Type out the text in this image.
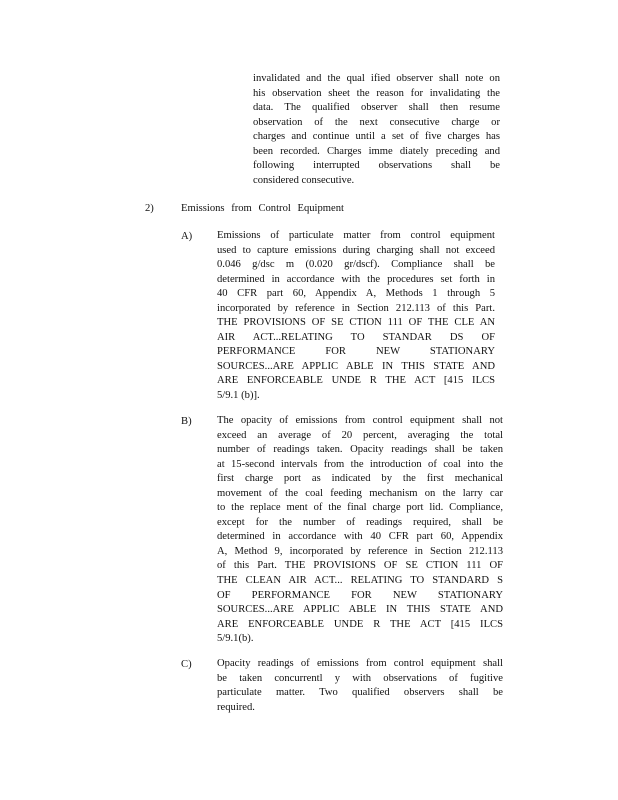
invalidated and the qual ified observer shall note on
his observation sheet the reason for invalidating the
data. The qualified observer shall then resume
observation of the next consecutive charge or
charges and continue until a set of five charges has
been recorded. Charges imme diately preceding and
following interrupted observations shall be
considered consecutive.

2)

	Emissions from Control Equipment

A)	Emissions of particulate matter from control equipment
used to capture emissions during charging shall not exceed
0.046 g/dsc m (0.020 gr/dscf). Compliance shall be
determined in accordance with the procedures set forth in
40 CFR part 60, Appendix A, Methods 1 through 5
incorporated by reference in Section 212.113 of this Part.
THE PROVISIONS OF SE CTION 111 OF THE CLE AN
AIR ACT...RELATING TO STANDAR DS OF
PERFORMANCE FOR NEW STATIONARY
SOURCES...ARE APPLIC ABLE IN THIS STATE AND
ARE ENFORCEABLE UNDE R THE ACT [415 ILCS
5/9.1 (b)].
B)	The opacity of emissions from control equipment shall not
exceed an average of 20 percent, averaging the total
number of readings taken. Opacity readings shall be taken
at 15-second intervals from the introduction of coal into the
first charge port as indicated by the first mechanical
movement of the coal feeding mechanism on the larry car
to the replace ment of the final charge port lid. Compliance,
except for the number of readings required, shall be
determined in accordance with 40 CFR part 60, Appendix
A, Method 9, incorporated by reference in Section 212.113
of this Part. THE PROVISIONS OF SE CTION 111 OF
THE CLEAN AIR ACT... RELATING TO STANDARD S
OF PERFORMANCE FOR NEW STATIONARY
SOURCES...ARE APPLIC ABLE IN THIS STATE AND
ARE ENFORCEABLE UNDE R THE ACT [415 ILCS
5/9.1(b).
C)	Opacity readings of emissions from control equipment shall
be taken concurrentl y with observations of fugitive
particulate matter. Two qualified observers shall be
required.
